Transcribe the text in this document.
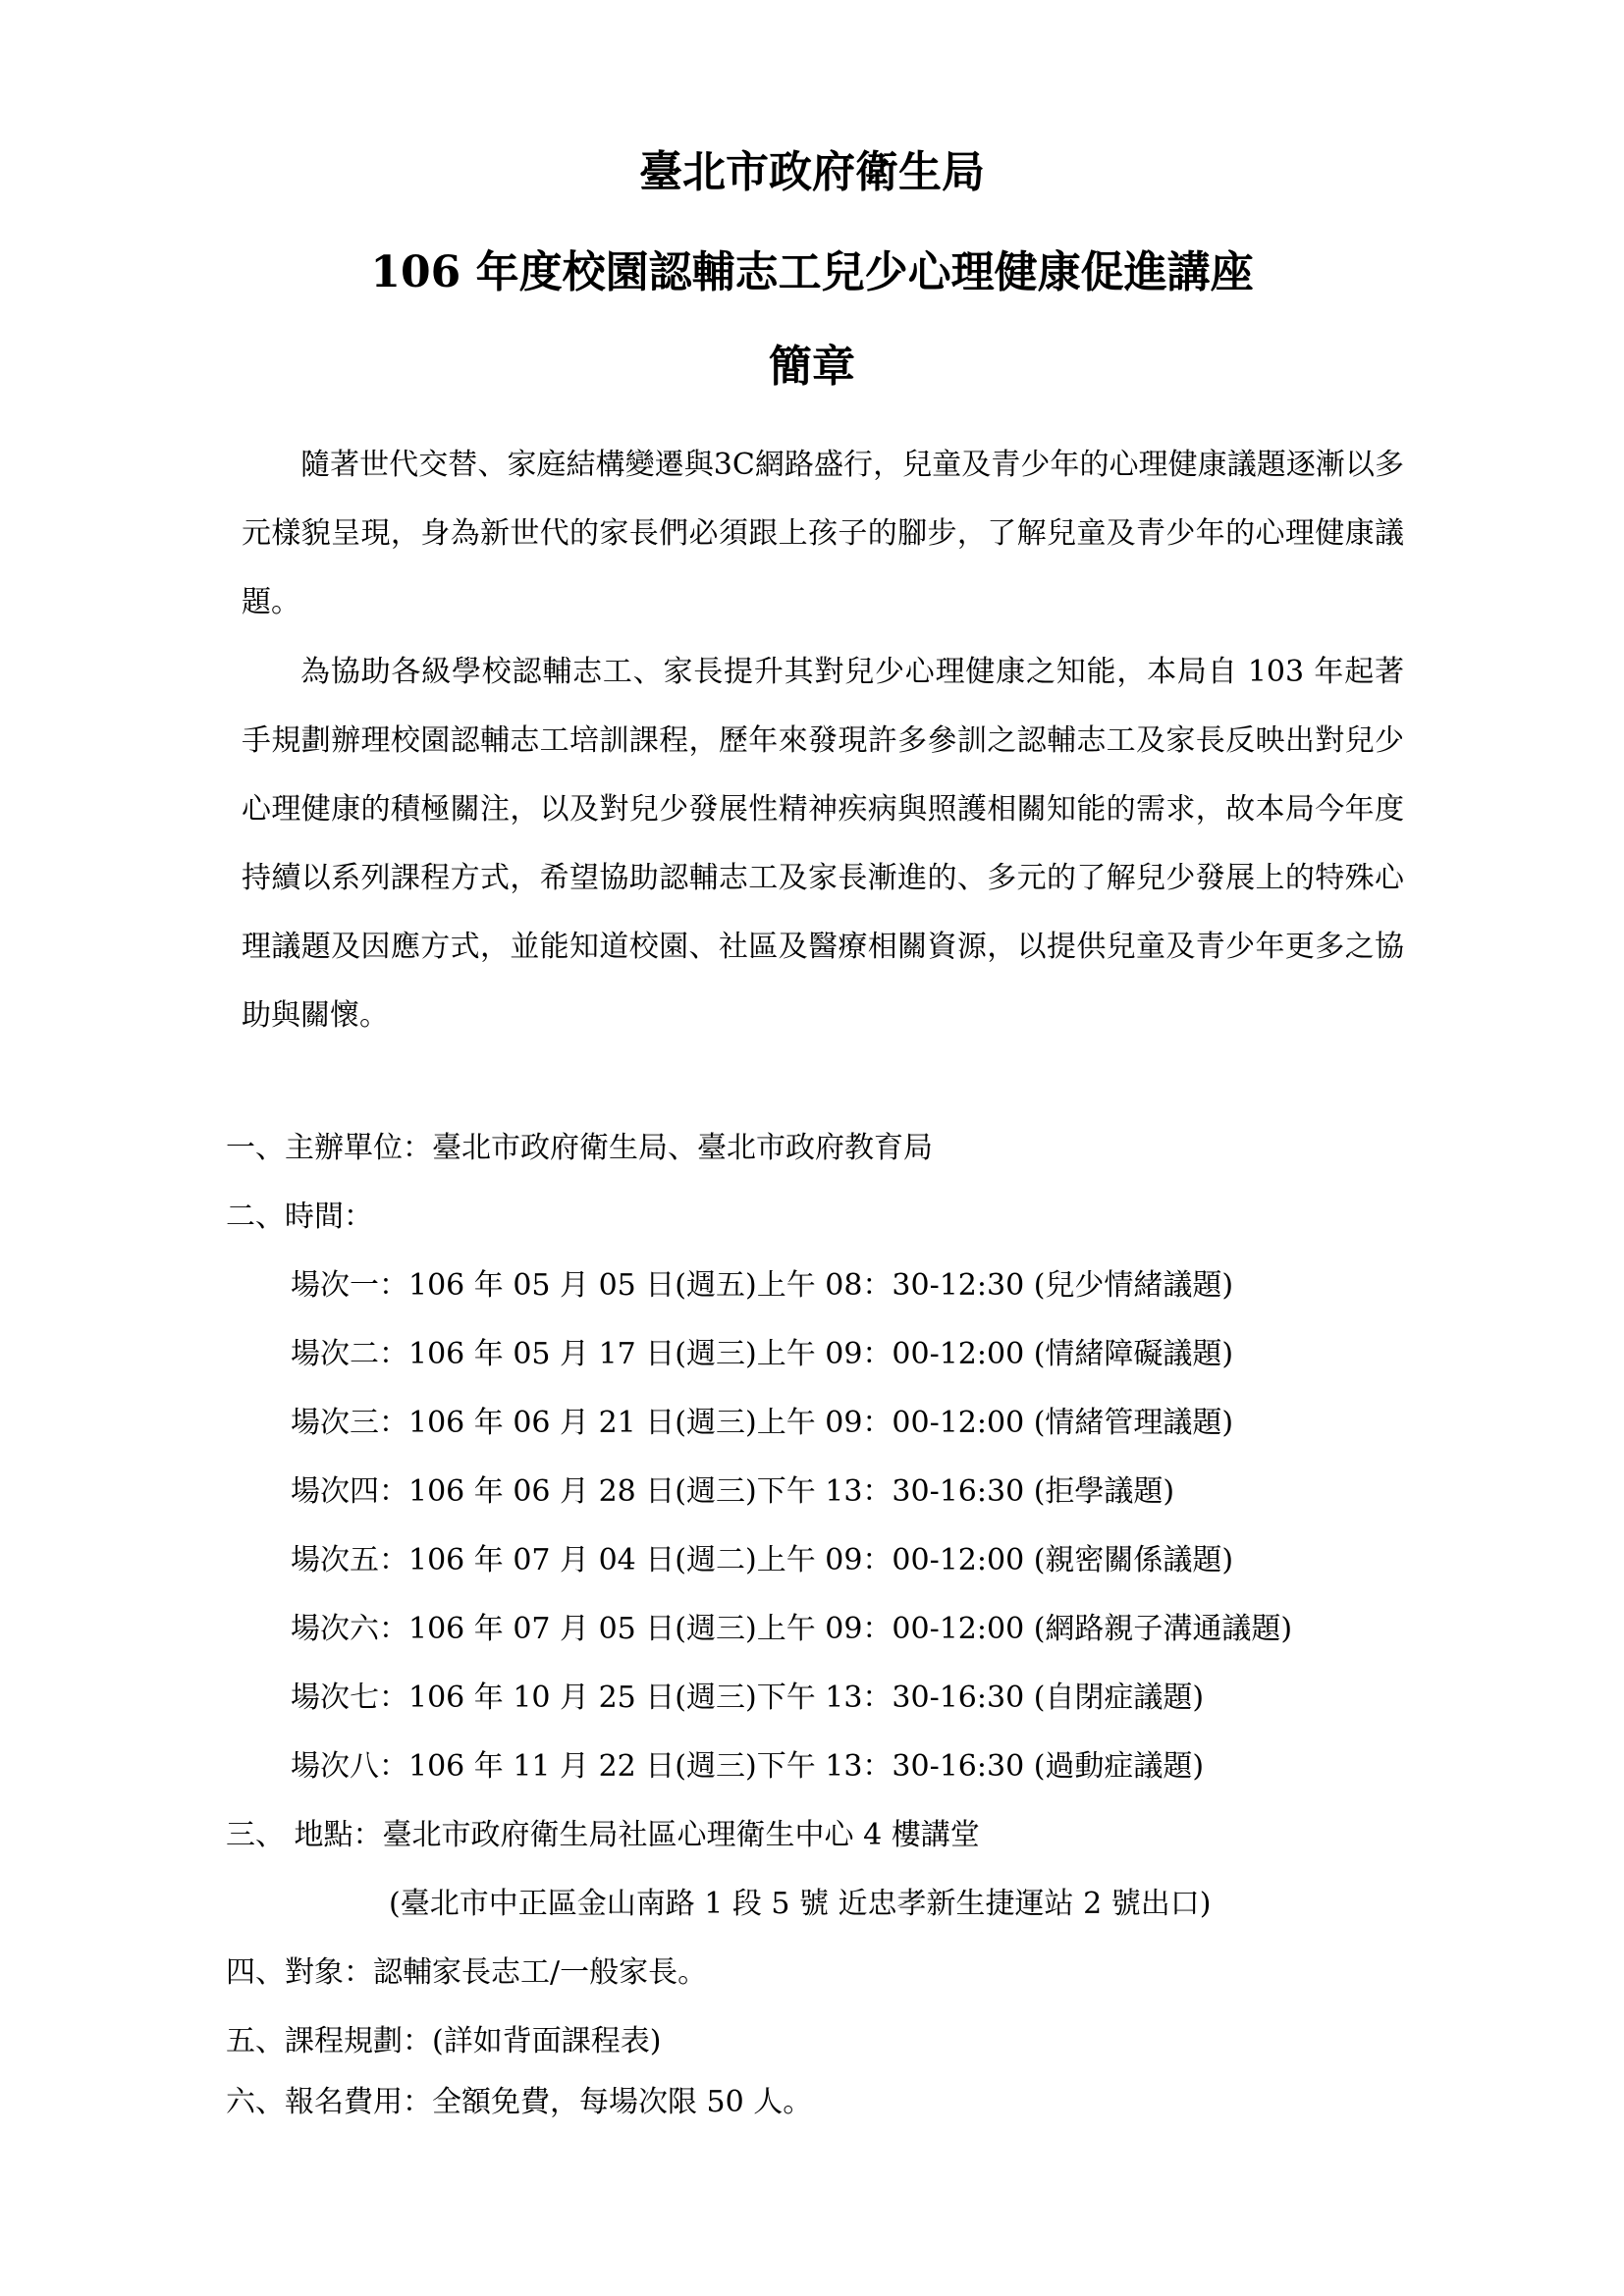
臺北市政府衛生局
106 年度校園認輔志工兒少心理健康促進講座
簡章
隨著世代交替、家庭結構變遷與3C網路盛行，兒童及青少年的心理健康議題逐漸以多元樣貌呈現，身為新世代的家長們必須跟上孩子的腳步，了解兒童及青少年的心理健康議題。
為協助各級學校認輔志工、家長提升其對兒少心理健康之知能，本局自 103 年起著手規劃辦理校園認輔志工培訓課程，歷年來發現許多參訓之認輔志工及家長反映出對兒少心理健康的積極關注，以及對兒少發展性精神疾病與照護相關知能的需求，故本局今年度持續以系列課程方式，希望協助認輔志工及家長漸進的、多元的了解兒少發展上的特殊心理議題及因應方式，並能知道校園、社區及醫療相關資源，以提供兒童及青少年更多之協助與關懷。
一、主辦單位：臺北市政府衛生局、臺北市政府教育局
二、時間：
場次一：106 年 05 月 05 日(週五)上午 08：30-12:30 (兒少情緒議題)
場次二：106 年 05 月 17 日(週三)上午 09：00-12:00 (情緒障礙議題)
場次三：106 年 06 月 21 日(週三)上午 09：00-12:00 (情緒管理議題)
場次四：106 年 06 月 28 日(週三)下午 13：30-16:30 (拒學議題)
場次五：106 年 07 月 04 日(週二)上午 09：00-12:00 (親密關係議題)
場次六：106 年 07 月 05 日(週三)上午 09：00-12:00 (網路親子溝通議題)
場次七：106 年 10 月 25 日(週三)下午 13：30-16:30 (自閉症議題)
場次八：106 年 11 月 22 日(週三)下午 13：30-16:30 (過動症議題)
三、 地點：臺北市政府衛生局社區心理衛生中心 4 樓講堂
(臺北市中正區金山南路 1 段 5 號 近忠孝新生捷運站 2 號出口)
四、對象：認輔家長志工/一般家長。
五、課程規劃：(詳如背面課程表)
六、報名費用：全額免費，每場次限 50 人。
